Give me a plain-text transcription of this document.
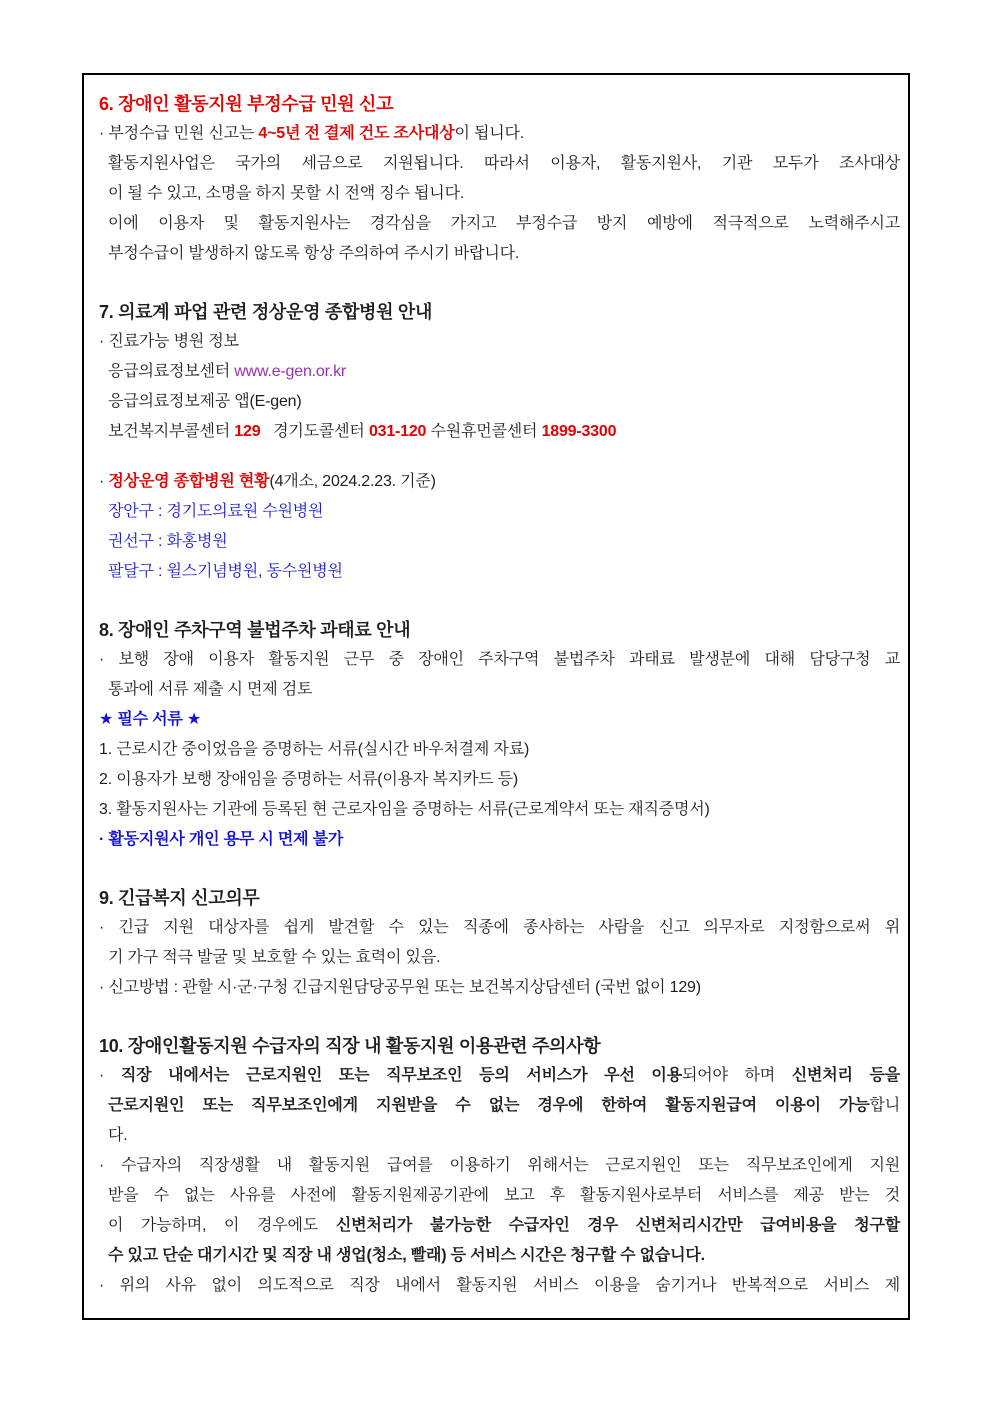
6. 장애인 활동지원 부정수급 민원 신고
· 부정수급 민원 신고는 4~5년 전 결제 건도 조사대상이 됩니다.
활동지원사업은 국가의 세금으로 지원됩니다. 따라서 이용자, 활동지원사, 기관 모두가 조사대상
이 될 수 있고, 소명을 하지 못할 시 전액 징수 됩니다.
이에 이용자 및 활동지원사는 경각심을 가지고 부정수급 방지 예방에 적극적으로 노력해주시고
부정수급이 발생하지 않도록 항상 주의하여 주시기 바랍니다.
7. 의료계 파업 관련 정상운영 종합병원 안내
· 진료가능 병원 정보
응급의료정보센터 www.e-gen.or.kr
응급의료정보제공 앱(E-gen)
보건복지부콜센터 129   경기도콜센터 031-120 수원휴먼콜센터 1899-3300
· 정상운영 종합병원 현황(4개소, 2024.2.23. 기준)
장안구 : 경기도의료원 수원병원
권선구 : 화홍병원
팔달구 : 윌스기념병원, 동수원병원
8. 장애인 주차구역 불법주차 과태료 안내
· 보행 장애 이용자 활동지원 근무 중 장애인 주차구역 불법주차 과태료 발생분에 대해 담당구청 교
통과에 서류 제출 시 면제 검토
★ 필수 서류 ★
1. 근로시간 중이었음을 증명하는 서류(실시간 바우처결제 자료)
2. 이용자가 보행 장애임을 증명하는 서류(이용자 복지카드 등)
3. 활동지원사는 기관에 등록된 현 근로자임을 증명하는 서류(근로계약서 또는 재직증명서)
· 활동지원사 개인 용무 시 면제 불가
9. 긴급복지 신고의무
· 긴급 지원 대상자를 쉽게 발견할 수 있는 직종에 종사하는 사람을 신고 의무자로 지정함으로써 위
기 가구 적극 발굴 및 보호할 수 있는 효력이 있음.
· 신고방법 : 관할 시·군·구청 긴급지원담당공무원 또는 보건복지상담센터 (국번 없이 129)
10. 장애인활동지원 수급자의 직장 내 활동지원 이용관련 주의사항
· 직장 내에서는 근로지원인 또는 직무보조인 등의 서비스가 우선 이용되어야 하며 신변처리 등을
근로지원인 또는 직무보조인에게 지원받을 수 없는 경우에 한하여 활동지원급여 이용이 가능합니
다.
· 수급자의 직장생활 내 활동지원 급여를 이용하기 위해서는 근로지원인 또는 직무보조인에게 지원
받을 수 없는 사유를 사전에 활동지원제공기관에 보고 후 활동지원사로부터 서비스를 제공 받는 것
이 가능하며, 이 경우에도 신변처리가 불가능한 수급자인 경우 신변처리시간만 급여비용을 청구할
수 있고 단순 대기시간 및 직장 내 생업(청소, 빨래) 등 서비스 시간은 청구할 수 없습니다.
· 위의 사유 없이 의도적으로 직장 내에서 활동지원 서비스 이용을 숨기거나 반복적으로 서비스 제
